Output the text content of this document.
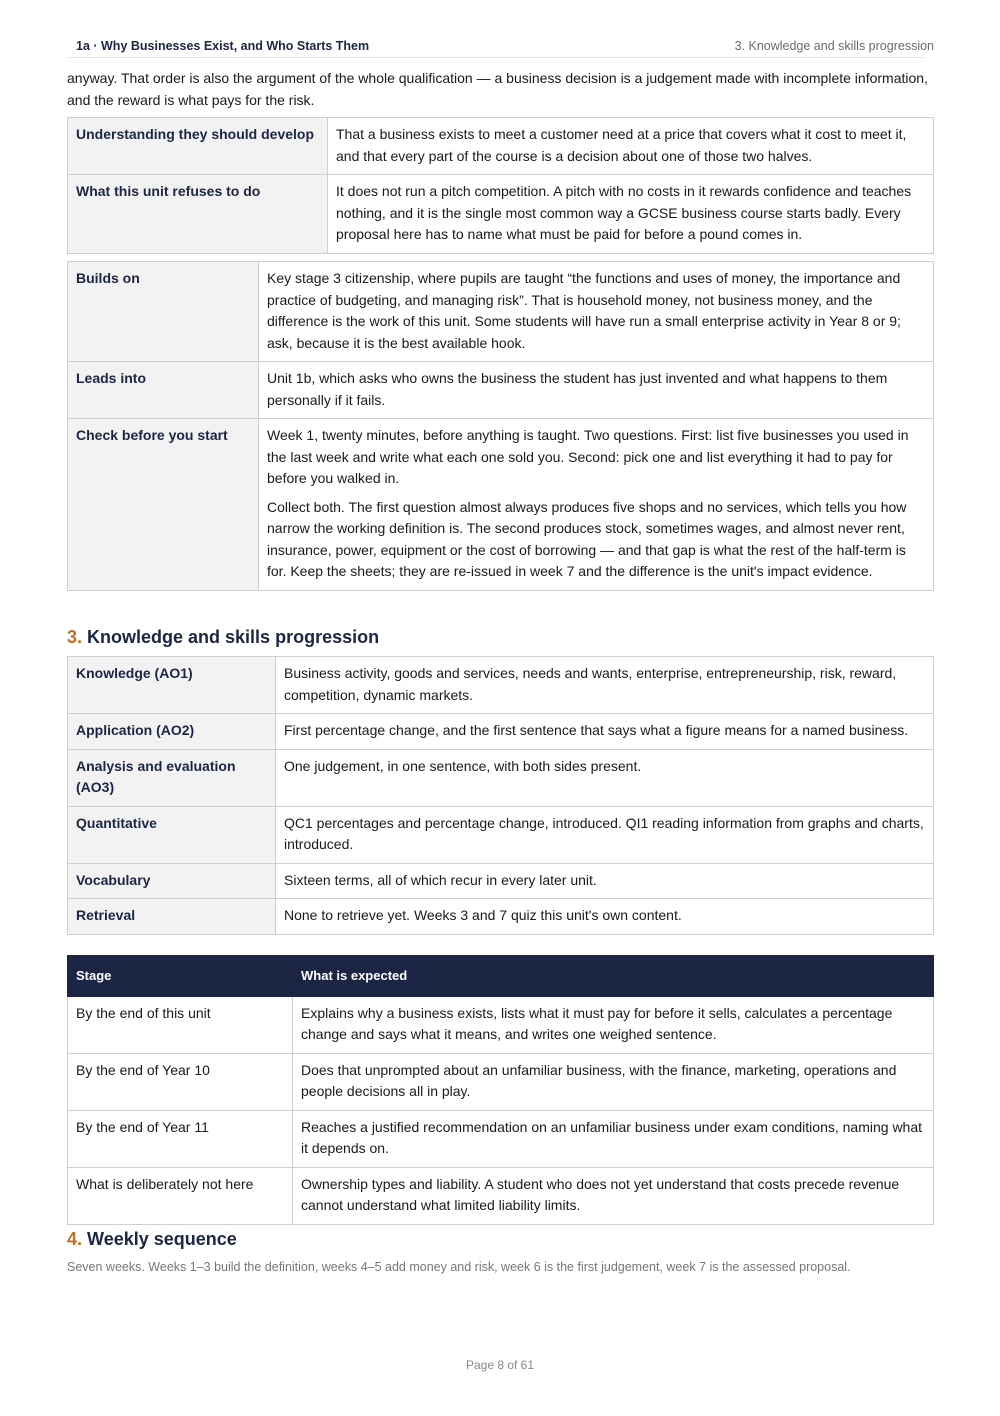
1a · Why Businesses Exist, and Who Starts Them	3. Knowledge and skills progression

anyway. That order is also the argument of the whole qualification — a business decision is a judgement made with incomplete information, and the reward is what pays for the risk.

Understanding they should develop	That a business exists to meet a customer need at a price that covers what it cost to meet it, and that every part of the course is a decision about one of those two halves.
What this unit refuses to do	It does not run a pitch competition. A pitch with no costs in it rewards confidence and teaches nothing, and it is the single most common way a GCSE business course starts badly. Every proposal here has to name what must be paid for before a pound comes in.
Builds on	Key stage 3 citizenship, where pupils are taught “the functions and uses of money, the importance and practice of budgeting, and managing risk”. That is household money, not business money, and the difference is the work of this unit. Some students will have run a small enterprise activity in Year 8 or 9; ask, because it is the best available hook.
Leads into	Unit 1b, which asks who owns the business the student has just invented and what happens to them personally if it fails.
Check before you start	Week 1, twenty minutes, before anything is taught. Two questions. First: list five businesses you used in the last week and write what each one sold you. Second: pick one and list everything it had to pay for before you walked in.

Collect both. The first question almost always produces five shops and no services, which tells you how narrow the working definition is. The second produces stock, sometimes wages, and almost never rent, insurance, power, equipment or the cost of borrowing — and that gap is what the rest of the half-term is for. Keep the sheets; they are re-issued in week 7 and the difference is the unit's impact evidence.

3. Knowledge and skills progression
Knowledge (AO1)	Business activity, goods and services, needs and wants, enterprise, entrepreneurship, risk, reward, competition, dynamic markets.
Application (AO2)	First percentage change, and the first sentence that says what a figure means for a named business.
Analysis and evaluation (AO3)	One judgement, in one sentence, with both sides present.
Quantitative	QC1 percentages and percentage change, introduced. QI1 reading information from graphs and charts, introduced.
Vocabulary	Sixteen terms, all of which recur in every later unit.
Retrieval	None to retrieve yet. Weeks 3 and 7 quiz this unit's own content.
Stage	What is expected
By the end of this unit	Explains why a business exists, lists what it must pay for before it sells, calculates a percentage change and says what it means, and writes one weighed sentence.
By the end of Year 10	Does that unprompted about an unfamiliar business, with the finance, marketing, operations and people decisions all in play.
By the end of Year 11	Reaches a justified recommendation on an unfamiliar business under exam conditions, naming what it depends on.
What is deliberately not here	Ownership types and liability. A student who does not yet understand that costs precede revenue cannot understand what limited liability limits.
4. Weekly sequence

Seven weeks. Weeks 1–3 build the definition, weeks 4–5 add money and risk, week 6 is the first judgement, week 7 is the assessed proposal.

Page 8 of 61
